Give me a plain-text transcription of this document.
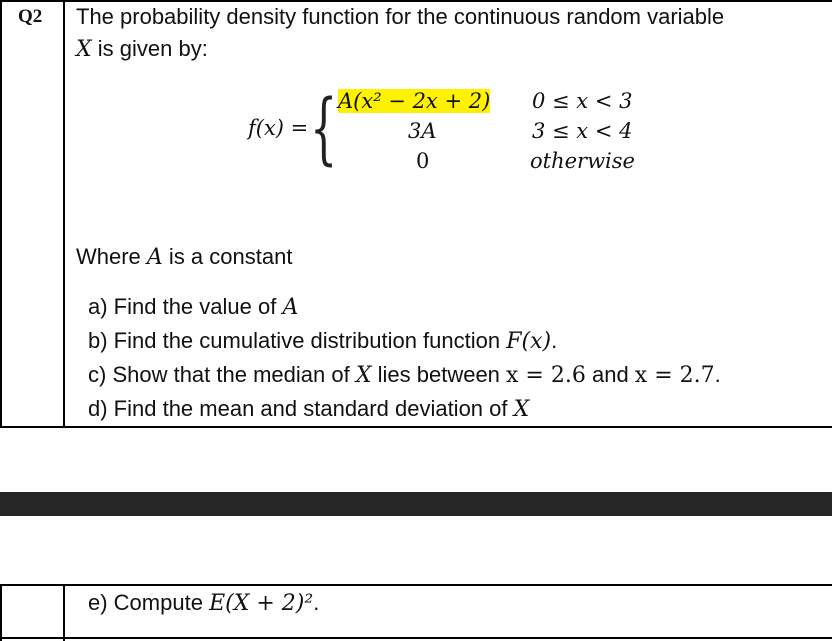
Q2 The probability density function for the continuous random variable
X is given by:
f(x) = { A(x² − 2x + 2) 0 ≤ x < 3
3A	3 ≤ x < 4
0	otherwise
Where A is a constant
a) Find the value of A
b) Find the cumulative distribution function F(x).
c) Show that the median of X lies between x = 2.6 and x = 2.7.
d) Find the mean and standard deviation of X
e) Compute E(X + 2)².
